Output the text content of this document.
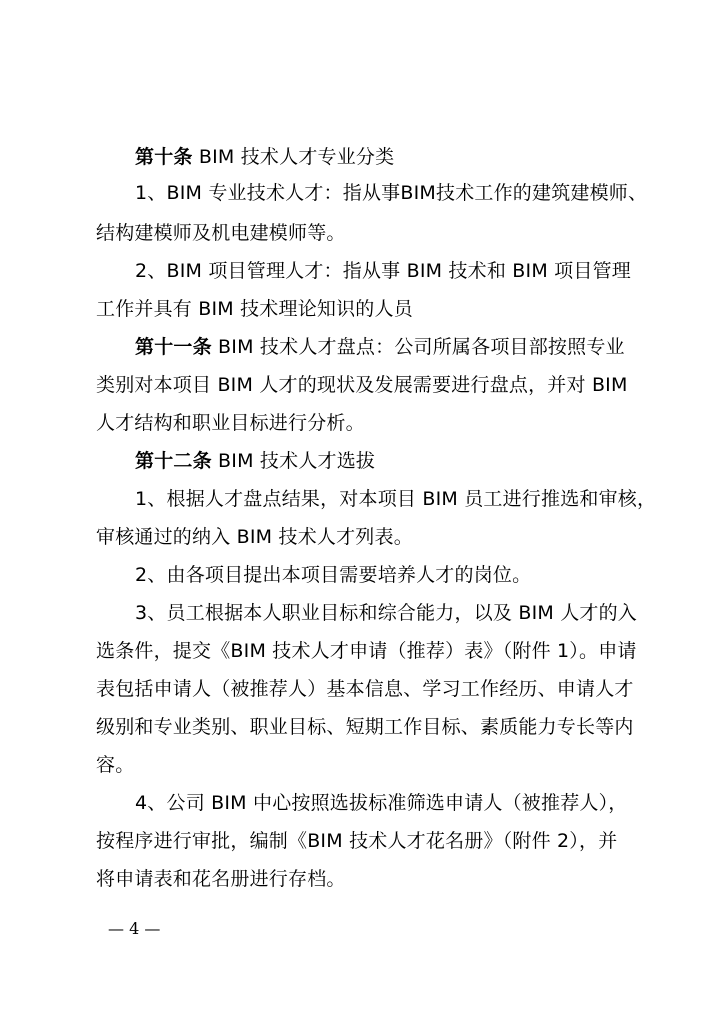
第十条 BIM 技术人才专业分类
1、BIM 专业技术人才：指从事BIM技术工作的建筑建模师、
结构建模师及机电建模师等。
2、BIM 项目管理人才：指从事 BIM 技术和 BIM 项目管理
工作并具有 BIM 技术理论知识的人员
第十一条 BIM 技术人才盘点：公司所属各项目部按照专业
类别对本项目 BIM 人才的现状及发展需要进行盘点，并对 BIM
人才结构和职业目标进行分析。
第十二条 BIM 技术人才选拔
1、根据人才盘点结果，对本项目 BIM 员工进行推选和审核，
审核通过的纳入 BIM 技术人才列表。
2、由各项目提出本项目需要培养人才的岗位。
3、员工根据本人职业目标和综合能力，以及 BIM 人才的入
选条件，提交《BIM 技术人才申请（推荐）表》（附件 1）。申请
表包括申请人（被推荐人）基本信息、学习工作经历、申请人才
级别和专业类别、职业目标、短期工作目标、素质能力专长等内
容。
4、公司 BIM 中心按照选拔标准筛选申请人（被推荐人），
按程序进行审批，编制《BIM 技术人才花名册》（附件 2），并
将申请表和花名册进行存档。
— 4 —
